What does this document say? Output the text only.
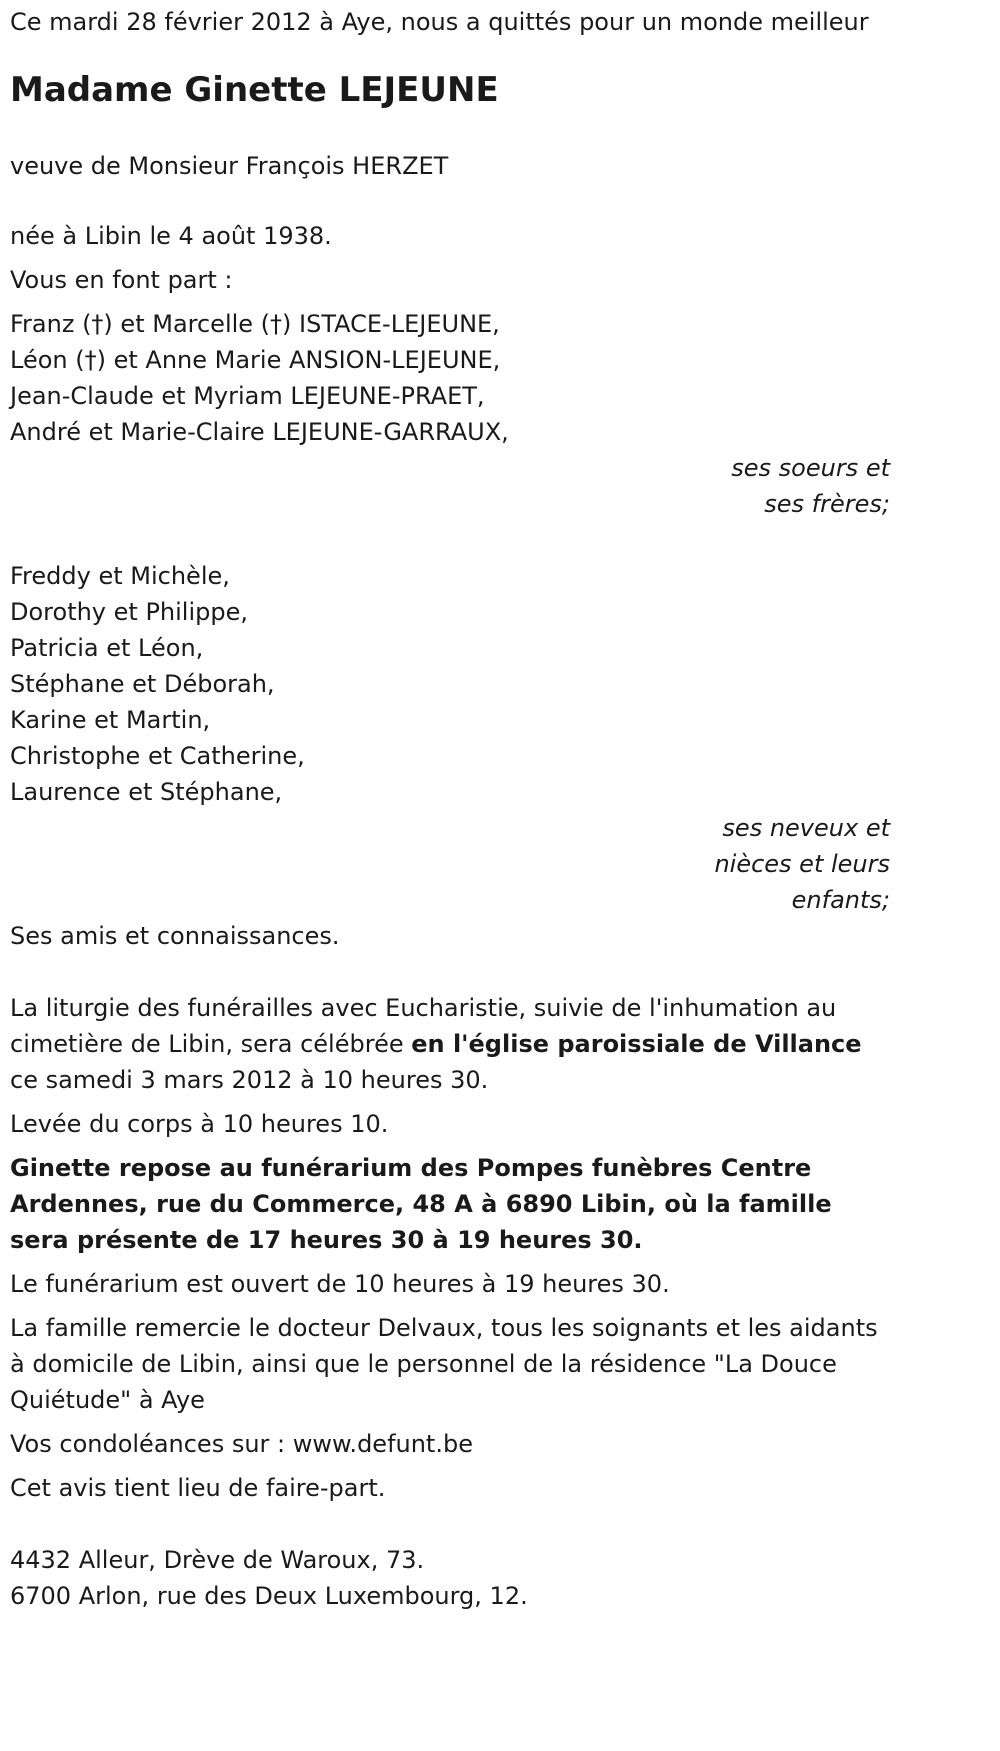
Ce mardi 28 février 2012 à Aye, nous a quittés pour un monde meilleur

Madame Ginette LEJEUNE

veuve de Monsieur François HERZET

née à Libin le 4 août 1938.

Vous en font part :

Franz (†) et Marcelle (†) ISTACE-LEJEUNE,
Léon (†) et Anne Marie ANSION-LEJEUNE,
Jean-Claude et Myriam LEJEUNE-PRAET,
André et Marie-Claire LEJEUNE-GARRAUX,

ses soeurs et ses frères;

Freddy et Michèle,
Dorothy et Philippe,
Patricia et Léon,
Stéphane et Déborah,
Karine et Martin,
Christophe et Catherine,
Laurence et Stéphane,

ses neveux et nièces et leurs enfants;

Ses amis et connaissances.

La liturgie des funérailles avec Eucharistie, suivie de l'inhumation au cimetière de Libin, sera célébrée en l'église paroissiale de Villance ce samedi 3 mars 2012 à 10 heures 30.

Levée du corps à 10 heures 10.

Ginette repose au funérarium des Pompes funèbres Centre Ardennes, rue du Commerce, 48 A à 6890 Libin, où la famille sera présente de 17 heures 30 à 19 heures 30.

Le funérarium est ouvert de 10 heures à 19 heures 30.

La famille remercie le docteur Delvaux, tous les soignants et les aidants à domicile de Libin, ainsi que le personnel de la résidence "La Douce Quiétude" à Aye

Vos condoléances sur : www.defunt.be

Cet avis tient lieu de faire-part.

4432 Alleur, Drève de Waroux, 73.
6700 Arlon, rue des Deux Luxembourg, 12.
